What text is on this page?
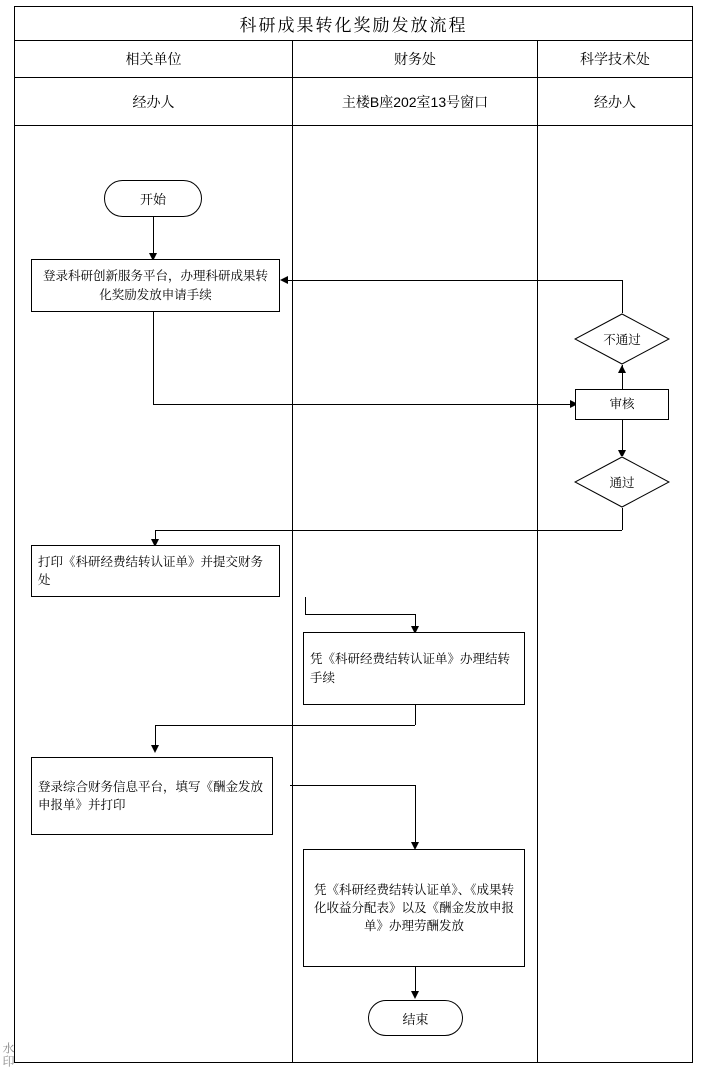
科研成果转化奖励发放流程
相关单位	财务处	科学技术处
经办人	主楼B座202室13号窗口	经办人
开始
登录科研创新服务平台，办理科研成果转化奖励发放申请手续
打印《科研经费结转认证单》并提交财务处
登录综合财务信息平台，填写《酬金发放申报单》并打印
凭《科研经费结转认证单》办理结转手续
凭《科研经费结转认证单》、《成果转化收益分配表》以及《酬金发放申报单》办理劳酬发放
结束
不通过
审核
通过
水印
